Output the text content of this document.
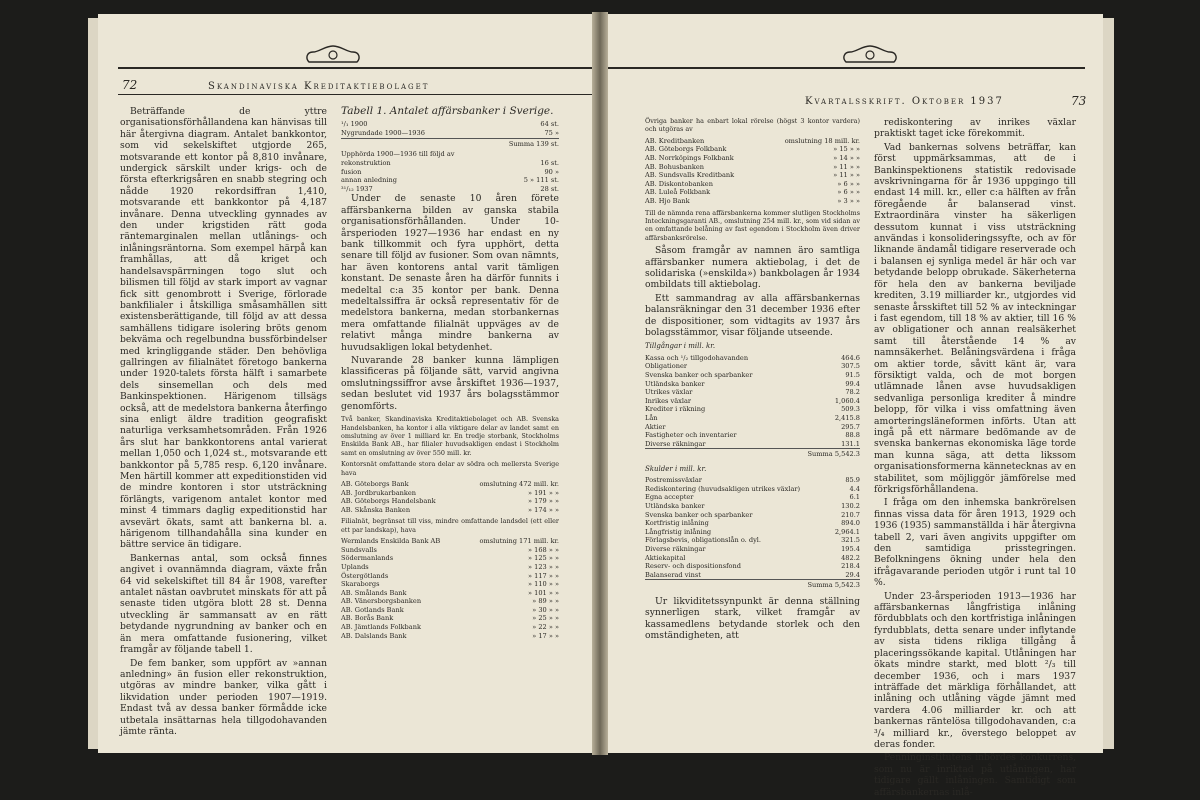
72	Skandinaviska Kreditaktiebolaget

Beträffande de yttre organisationsförhållandena kan hänvisas till här återgivna diagram. Antalet bankkontor, som vid sekelskiftet utgjorde 265, motsvarande ett kontor på 8,810 invånare, undergick särskilt under krigs- och de första efterkrigsåren en snabb stegring och nådde 1920 rekordsiffran 1,410, motsvarande ett bankkontor på 4,187 invånare. Denna utveckling gynnades av den under krigstiden rätt goda räntemarginalen mellan utlånings- och inlåningsräntorna. Som exempel härpå kan framhållas, att då kriget och handelsavspärrningen togo slut och bilismen till följd av stark import av vagnar fick sitt genombrott i Sverige, förlorade bankfilialer i åtskilliga småsamhällen sitt existensberättigande, till följd av att dessa samhällens tidigare isolering bröts genom bekväma och regelbundna bussförbindelser med kringliggande städer. Den behövliga gallringen av filialnätet företogo bankerna under 1920-talets första hälft i samarbete dels sinsemellan och dels med Bankinspektionen. Härigenom tillsägs också, att de medelstora bankerna återfingo sina enligt äldre tradition geografiskt naturliga verksamhetsområden. Från 1926 års slut har bankkontorens antal varierat mellan 1,050 och 1,024 st., motsvarande ett bankkontor på 5,785 resp. 6,120 invånare. Men härtill kommer att expeditionstiden vid de mindre kontoren i stor utsträckning förlängts, varigenom antalet kontor med minst 4 timmars daglig expeditionstid har avsevärt ökats, samt att bankerna bl. a. härigenom tillhandahålla sina kunder en bättre service än tidigare.

Bankernas antal, som också finnes angivet i ovannämnda diagram, växte från 64 vid sekelskiftet till 84 år 1908, varefter antalet nästan oavbrutet minskats för att på senaste tiden utgöra blott 28 st. Denna utveckling är sammansatt av en rätt betydande nygrundning av banker och en än mera omfattande fusionering, vilket framgår av följande tabell 1.

De fem banker, som uppfört av »annan anledning» än fusion eller rekonstruktion, utgöras av mindre banker, vilka gått i likvidation under perioden 1907—1919. Endast två av dessa banker förmådde icke utbetala insättarnas hela tillgodohavanden jämte ränta.

Tabell 1. Antalet affärsbanker i Sverige.
¹/₁ 1900	64 st.
Nygrundade 1900—1936	75 »
Summa 139 st.
Upphörda 1900—1936 till följd av
rekonstruktion	16 st.
fusion	90 »
annan anledning	5 » 111 st.
³¹/₁₂ 1937	28 st.

Under de senaste 10 åren förete affärsbankerna bilden av ganska stabila organisationsförhållanden. Under 10-årsperioden 1927—1936 har endast en ny bank tillkommit och fyra upphört, detta senare till följd av fusioner. Som ovan nämnts, har även kontorens antal varit tämligen konstant. De senaste åren ha därför funnits i medeltal c:a 35 kontor per bank. Denna medeltalssiffra är också representativ för de medelstora bankerna, medan storbankernas mera omfattande filialnät uppväges av de relativt många mindre bankerna av huvudsakligen lokal betydenhet.

Nuvarande 28 banker kunna lämpligen klassificeras på följande sätt, varvid angivna omslutningssiffror avse årskiftet 1936—1937, sedan beslutet vid 1937 års bolagsstämmor genomförts.

Två banker, Skandinaviska Kreditaktiebolaget och AB. Svenska Handelsbanken, ha kontor i alla viktigare delar av landet samt en omslutning av över 1 milliard kr. En tredje storbank, Stockholms Enskilda Bank AB., har filialer huvudsakligen endast i Stockholm samt en omslutning av över 550 mill. kr.
Kontorsnät omfattande stora delar av södra och mellersta Sverige hava
AB. Göteborgs Bank	omslutning 472 mill. kr.
AB. Jordbrukarbanken	» 191 » »
AB. Göteborgs Handelsbank	» 179 » »
AB. Skånska Banken	» 174 » »
Filialnät, begränsat till viss, mindre omfattande landsdel (ett eller ett par landskap), hava
Wermlands Enskilda Bank AB	omslutning 171 mill. kr.
Sundsvalls	» 168 » »
Södermanlands	» 125 » »
Uplands	» 123 » »
Östergötlands	» 117 » »
Skaraborgs	» 110 » »
AB. Smålands Bank	» 101 » »
AB. Vänersborgsbanken	» 89 » »
AB. Gotlands Bank	» 30 » »
AB. Borås Bank	» 25 » »
AB. Jämtlands Folkbank	» 22 » »
AB. Dalslands Bank	» 17 » »
Kvartalsskrift. Oktober 1937	73
Övriga banker ha enbart lokal rörelse (högst 3 kontor varderа) och utgöras av
AB. Kreditbanken	omslutning 18 mill. kr.
AB. Göteborgs Folkbank	» 15 » »
AB. Norrköpings Folkbank	» 14 » »
AB. Bohusbanken	» 11 » »
AB. Sundsvalls Kreditbank	» 11 » »
AB. Diskontobanken	» 6 » »
AB. Luleå Folkbank	» 6 » »
AB. Hjo Bank	» 3 » »
Till de nämnda rena affärsbankerna kommer slutligen Stockholms Inteckningsgaranti AB., omslutning 254 mill. kr., som vid sidan av en omfattande belåning av fast egendom i Stockholm även driver affärsbanksrörelse.

Såsom framgår av namnen äro samtliga affärsbanker numera aktiebolag, i det de solidariska (»enskilda») bankbolagen år 1934 ombildats till aktiebolag.

Ett sammandrag av alla affärsbankernas balansräkningar den 31 december 1936 efter de dispositioner, som vidtagits av 1937 års bolagsstämmor, visar följande utseende.

Tillgångar i mill. kr.
Kassa och ¹/₂ tillgodohavanden	464.6
Obligationer	307.5
Svenska banker och sparbanker	91.5
Utländska banker	99.4
Utrikes växlar	78.2
Inrikes växlar	1,060.4
Krediter i räkning	509.3
Lån	2,415.8
Aktier	295.7
Fastigheter och inventarier	88.8
Diverse räkningar	131.1
Summa 5,542.3
Skulder i mill. kr.
Postremissväxlar	85.9
Rediskontering (huvudsakligen utrikes växlar)	4.4
Egna accepter	6.1
Utländska banker	130.2
Svenska banker och sparbanker	210.7
Kortfristig inlåning	894.0
Långfristig inlåning	2,964.1
Förlagsbevis, obligationslån o. dyl.	321.5
Diverse räkningar	195.4
Aktiekapital	482.2
Reserv- och dispositionsfond	218.4
Balanserad vinst	29.4
Summa 5,542.3

Ur likviditetssynpunkt är denna ställning synnerligen stark, vilket framgår av kassamedlens betydande storlek och den omständigheten, att

rediskontering av inrikes växlar praktiskt taget icke förekommit.

Vad bankernas solvens beträffar, kan först uppmärksammas, att de i Bankinspektionens statistik redovisade avskrivningarna för år 1936 uppgingo till endast 14 mill. kr., eller c:a hälften av från föregående år balanserad vinst. Extraordinära vinster ha säkerligen dessutom kunnat i viss utsträckning användas i konsolideringssyfte, och av för liknande ändamål tidigare reserverade och i balansen ej synliga medel är här och var betydande belopp obrukade. Säkerheterna för hela den av bankerna beviljade krediten, 3.19 milliarder kr., utgjordes vid senaste årsskiftet till 52 % av inteckningar i fast egendom, till 18 % av aktier, till 16 % av obligationer och annan realsäkerhet samt till återstående 14 % av namnsäkerhet. Belåningsvärdena i fråga om aktier torde, såvitt känt är, vara försiktigt valda, och de mot borgen utlämnade lånen avse huvudsakligen sedvanliga personliga krediter å mindre belopp, för vilka i viss omfattning även amorteringsläneformen införts. Utan att ingå på ett närmare bedömande av de svenska bankernas ekonomiska läge torde man kunna säga, att detta likssom organisationsformerna kännetecknas av en stabilitet, som möjliggör jämförelse med förkrigsförhållandena.

I fråga om den inhemska bankrörelsen finnas vissa data för åren 1913, 1929 och 1936 (1935) sammanställda i här återgivna tabell 2, vari även angivits uppgifter om den samtidiga prisstegringen. Befolkningens ökning under hela den ifrågavarande perioden utgör i runt tal 10 %.

Under 23-årsperioden 1913—1936 har affärsbankernas långfristiga inlåning fördubblats och den kortfristiga inlåningen fyrdubblats, detta senare under inflytande av sista tidens rikliga tillgång å placeringssökande kapital. Utlåningen har ökats mindre starkt, med blott ²/₃ till december 1936, och i mars 1937 inträffade det märkliga förhållandet, att inlåning och utlåning vägde jämnt med vardera 4.06 milliarder kr. och att bankernas räntelösa tillgodohavanden, c:a ³/₄ milliard kr., överstego beloppet av deras fonder.

Penninginstitutens inbördes konkurrens, som nu är inriktad på utlåningen, har tidigare gällt inlåningen. Samtidigt som affärsbankernas inlå-
